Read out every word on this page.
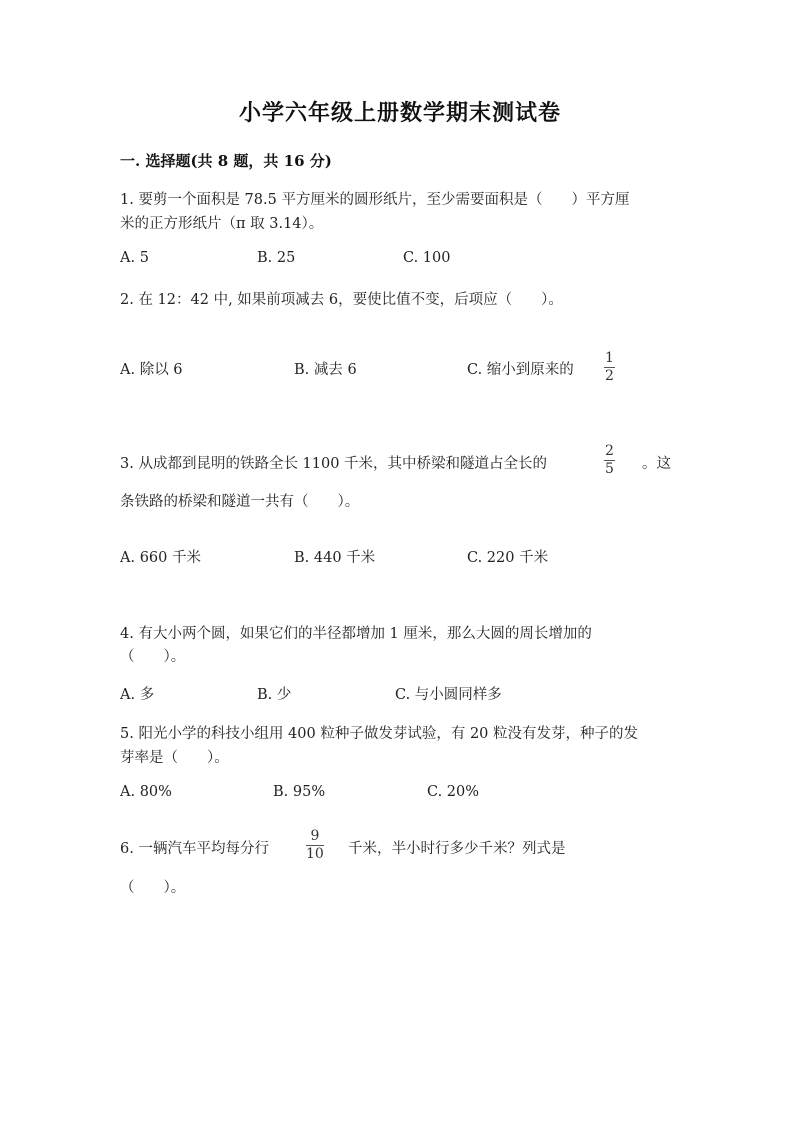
小学六年级上册数学期末测试卷
一. 选择题(共 8 题，共 16 分)
1. 要剪一个面积是 78.5 平方厘米的圆形纸片，至少需要面积是（　　）平方厘
米的正方形纸片（π 取 3.14）。
A. 5	B. 25	C. 100
2. 在 12：42 中, 如果前项减去 6，要使比值不变，后项应（　　）。
A. 除以 6	B. 减去 6	C. 缩小到原来的
1
2
3. 从成都到昆明的铁路全长 1100 千米，其中桥梁和隧道占全长的
2
5 。这
条铁路的桥梁和隧道一共有（　　）。
A. 660 千米	B. 440 千米	C. 220 千米
4. 有大小两个圆，如果它们的半径都增加 1 厘米，那么大圆的周长增加的
（　　）。
A. 多	B. 少	C. 与小圆同样多
5. 阳光小学的科技小组用 400 粒种子做发芽试验，有 20 粒没有发芽，种子的发
芽率是（　　）。
A. 80%	B. 95%	C. 20%
6. 一辆汽车平均每分行
9
10 千米，半小时行多少千米？列式是
（　　）。
